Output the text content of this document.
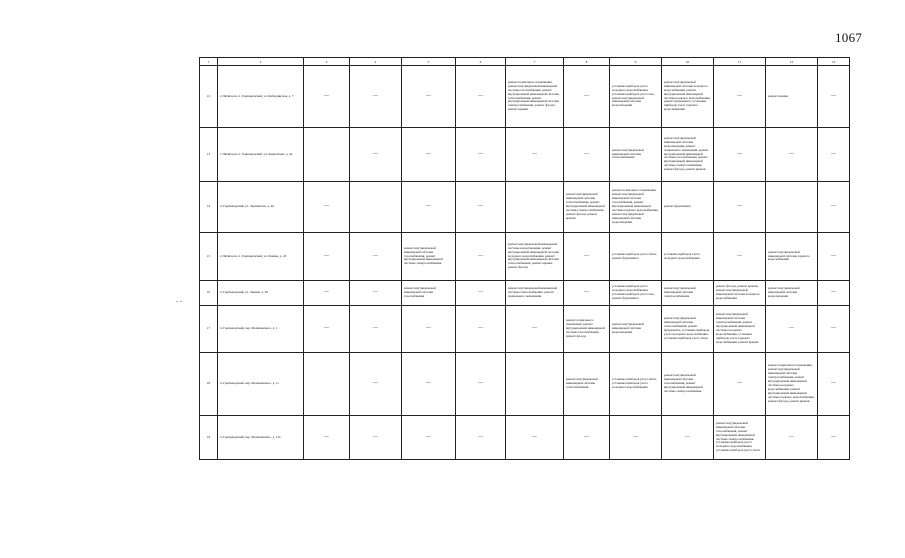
1067
- -
1	2	3	4	5	6	7	8	9	10	11	12	13
12	г. Пятигорск, п. Горячеводский, ул. Кабардинская, д. 7	—	—	—	—	ремонт подвального помещения, ремонт внутридомовой инженерной системы газоснабжения, ремонт внутридомовой инженерной системы теплоснабжения, ремонт внутридомовой инженерной системы электроснабжения, ремонт фасада, ремонт крыши	—	установка приборов учета холодного водоснабжения, установка приборов учета газа, ремонт внутридомовой инженерной системы водоотведения	ремонт внутридомовой инженерной системы холодного водоснабжения, ремонт внутридомовой инженерной системы горячего водоснабжения, ремонт фундамента, установка приборов учета горячего водоснабжения	—	ремонт крыши	—
13	г. Пятигорск, п. Горячеводский, ул. Лермонтова, д. 42		—	—	—	—	—	ремонт внутридомовой инженерной системы теплоснабжения	ремонт внутридомовой инженерной системы водоотведения, ремонт подвального помещения, ремонт внутридомовой инженерной системы газоснабжения, ремонт внутридомовой инженерной системы электроснабжения, ремонт фасада, ремонт крыши	—	—	—
14	п. Горячеводский, ул. Лермонтова, д. 46	—		—	—		ремонт внутридомовой инженерной системы теплоснабжения, ремонт внутридомовой инженерной системы электроснабжения, ремонт фасада, ремонт крыши	ремонт подвального помещения, ремонт внутридомовой инженерной системы газоснабжения, ремонт внутридомовой инженерной системы горячего водоснабжения, ремонт внутридомовой инженерной системы водоотведения	ремонт фундамента	—		—
15	г. Пятигорск, п. Горячеводский, ул. Ленина, д. 45	—	—	ремонт внутридомовой инженерной системы газоснабжения, ремонт внутридомовой инженерной системы электроснабжения	—	ремонт внутридомовой инженерной системы водоотведения, ремонт внутридомовой инженерной системы холодного водоснабжения, ремонт внутридомовой инженерной системы теплоснабжения, ремонт крыши, ремонт фасада	—	установка приборов учета тепла, ремонт фундамента	установка приборов учета холодного водоснабжения	—	ремонт внутридомовой инженерной системы горячего водоснабжения	—
16	п. Горячеводский, ул. Ленина, д. 49	—	—	ремонт внутридомовой инженерной системы газоснабжения	—	ремонт внутридомовой инженерной системы теплоснабжения, ремонт подвального помещения	—	установка приборов учета холодного водоснабжения, установка приборов учета газа, ремонт фундамента	ремонт внутридомовой инженерной системы электроснабжения	ремонт фасада, ремонт крыши, ремонт внутридомовой инженерной системы холодного водоснабжения	ремонт внутридомовой инженерной системы водоотведения	—
17	п. Горячеводский, пер. Малиновского, д. 1	—	—	—	—	—	ремонт подвального помещения, ремонт внутридомовой инженерной системы газоснабжения, ремонт фасада	ремонт внутридомовой инженерной системы водоотведения	ремонт внутридомовой инженерной системы теплоснабжения, ремонт фундамента, установка приборов учета холодного водоснабжения, установка приборов учета тепла	ремонт внутридомовой инженерной системы электроснабжения, ремонт внутридомовой инженерной системы холодного водоснабжения, установка приборов учета горячего водоснабжения, ремонт крыши	—	—
18	п. Горячеводский, пер. Малиновского, д. 11		—	—	—		ремонт внутридомовой инженерной системы теплоснабжения	установка приборов учета тепла, установка приборов учета холодного водоснабжения	ремонт внутридомовой инженерной системы газоснабжения, ремонт внутридомовой инженерной системы электроснабжения	—	ремонт подвального помещения, ремонт внутридомовой инженерной системы электроснабжения, ремонт внутридомовой инженерной системы холодного водоснабжения, ремонт внутридомовой инженерной системы горячего водоснабжения, ремонт фасада, ремонт крыши	—
19	п. Горячеводский, пер. Малиновского, д. 13а	—	—	—	—	—	—	—	—	ремонт внутридомовой инженерной системы газоснабжения, ремонт внутридомовой инженерной системы электроснабжения, установка приборов учета холодного водоснабжения, установка приборов учета тепла	—	—
